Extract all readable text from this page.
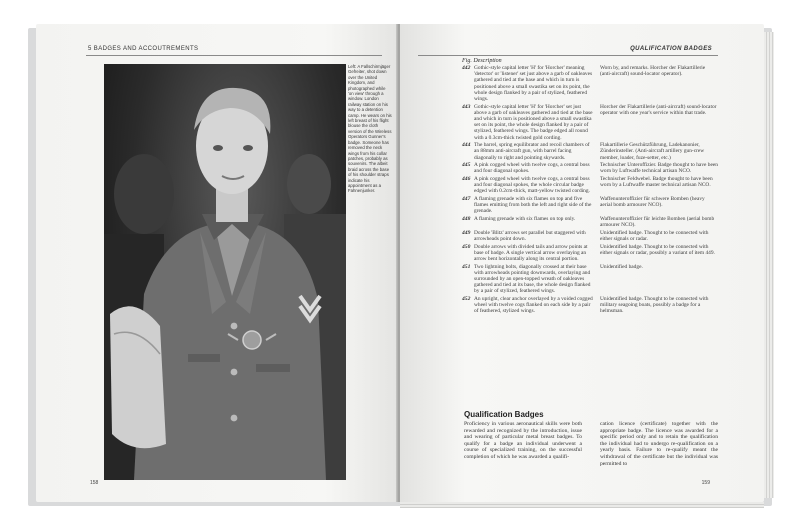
5 BADGES AND ACCOUTREMENTS
Left: A Fallschirmjäger Gefreiter, shot down over the United Kingdom, and photographed while 'on view' through a window. London railway station on his way to a detention camp. He wears on his left breast of his flight blouse the cloth version of the Wireless Operators Gunner's badge. Someone has removed the neck wings from his collar patches, probably as souvenirs. The albeit braid across the base of his shoulder straps indicate his appointment as a Fahnenjunker.
158
QUALIFICATION BADGES
Fig. Description
442 Gothic-style capital letter 'H' for 'Horcher' meaning 'detector' or 'listener' set just above a garb of oakleaves gathered and tied at the base and which in turn is positioned above a small swastika set on its point, the whole design flanked by a pair of stylized, feathered wings.
Worn by, and remarks. Horcher der Flakartillerie (anti-aircraft) sound-locator operator).
443 Gothic-style capital letter 'H' for 'Horcher' set just above a garb of oakleaves gathered and tied at the base and which in turn is positioned above a small swastika set on its point, the whole design flanked by a pair of stylized, feathered wings. The badge edged all round with a 0.3cm-thick twisted gold cording.
Horcher der Flakartillerie (anti-aircraft) sound-locator operator with one year's service within that trade.
444 The barrel, spring equilibrator and recoil chambers of an 88mm anti-aircraft gun, with barrel facing diagonally to right and pointing skywards.
Flakartillerie Geschützführung, Ladekanonier, Zünderinsteller. (Anti-aircraft artillery gun-crew member, loader, fuze-setter, etc.)
445 A pink cogged wheel with twelve cogs, a central boss and four diagonal spokes.
Technischer Unteroffizier. Badge thought to have been worn by Luftwaffe technical artisan NCO.
446 A pink cogged wheel with twelve cogs, a central boss and four diagonal spokes, the whole circular badge edged with 0.2cm-thick, matt-yellow twisted cording.
Technischer Feldwebel. Badge thought to have been worn by a Luftwaffe master technical artisan NCO.
447 A flaming grenade with six flames on top and five flames emitting from both the left and right side of the grenade.
Waffenunteroffizier für schwere Bomben (heavy aerial bomb armourer NCO).
448 A flaming grenade with six flames on top only.	Waffenunteroffizier für leichte Bomben (aerial bomb armourer NCO).
449 Double 'Blitz' arrows set parallel but staggered with arrowheads point down.
Unidentified badge. Thought to be connected with either signals or radar.
450 Double arrows with divided tails and arrow points at base of badge. A single vertical arrow overlaying an arrow bent horizontally along its central portion.
Unidentified badge. Thought to be connected with either signals or radar, possibly a variant of item 449.
451 Two lightning bolts, diagonally crossed at their base with arrowheads pointing downwards, overlaying and surrounded by an open-topped wreath of oakleaves gathered and tied at its base, the whole design flanked by a pair of stylized, feathered wings.
Unidentified badge.
452 An upright, clear anchor overlayed by a voided cogged wheel with twelve cogs flanked on each side by a pair of feathered, stylized wings.
Unidentified badge. Thought to be connected with military seagoing boats, possibly a badge for a helmsman.
Qualification Badges
Proficiency in various aeronautical skills were both rewarded and recognized by the introduction, issue and wearing of particular metal breast badges. To qualify for a badge an individual underwent a course of specialized training, on the successful completion of which he was awarded a qualifi-
cation licence (certificate) together with the appropriate badge. The licence was awarded for a specific period only and to retain the qualification the individual had to undergo re-qualification on a yearly basis. Failure to re-qualify meant the withdrawal of the certificate but the individual was permitted to
159
